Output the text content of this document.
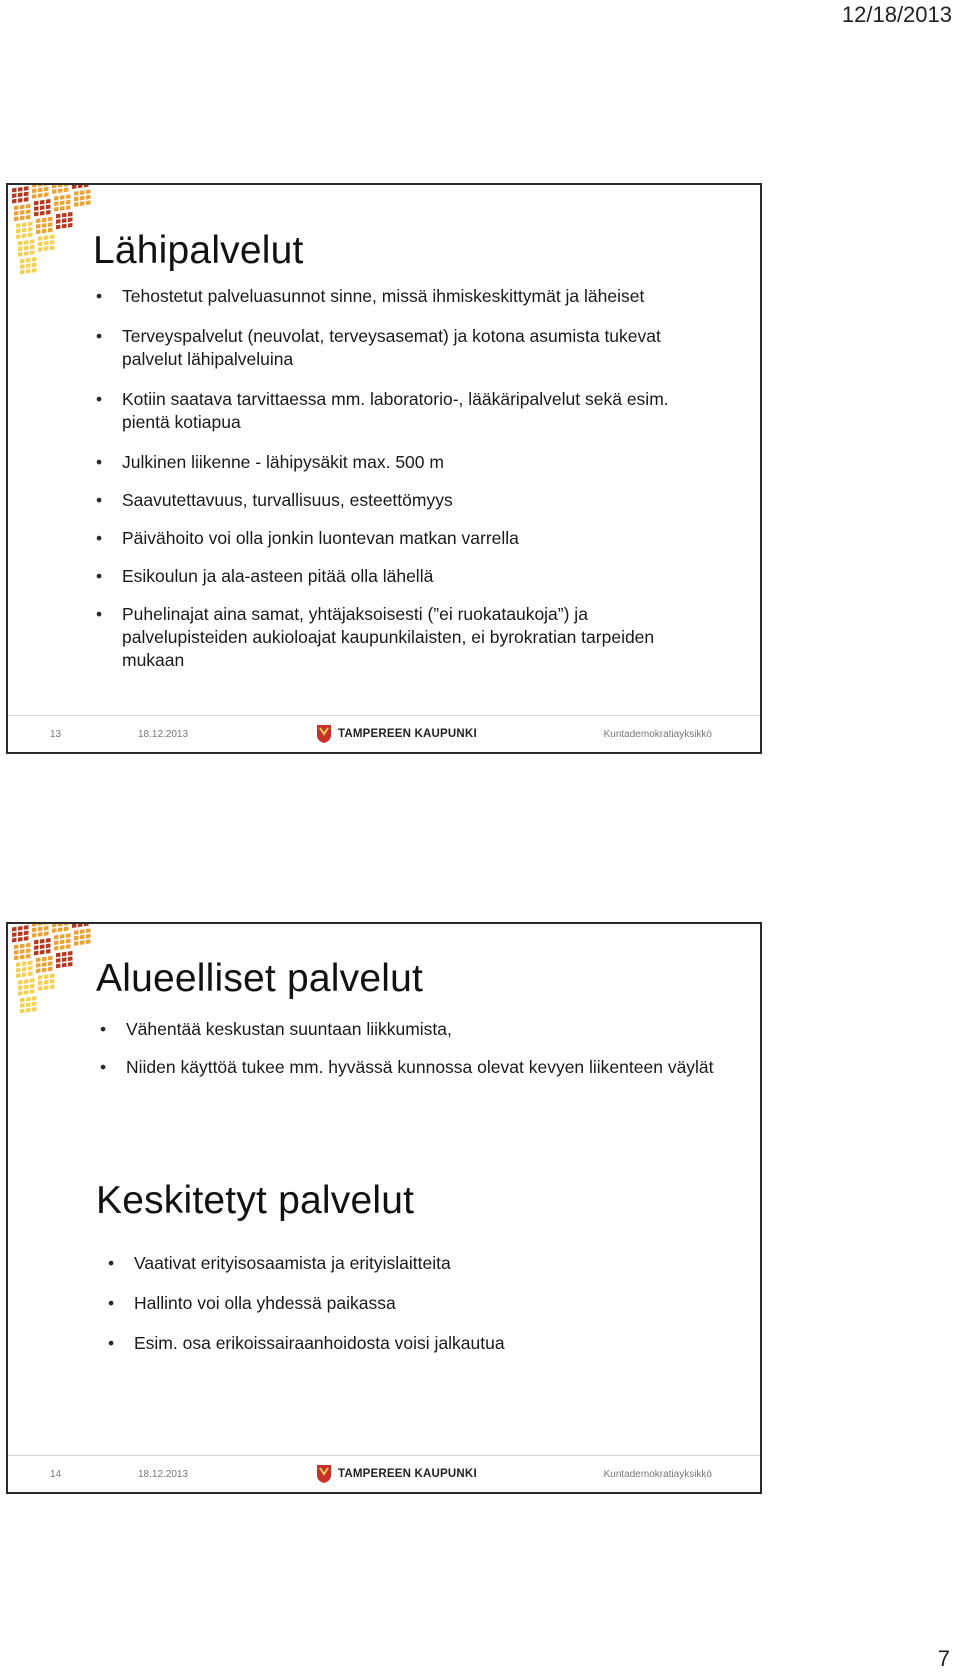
12/18/2013
Lähipalvelut
• Tehostetut palveluasunnot sinne, missä ihmiskeskittymät ja läheiset
• Terveyspalvelut (neuvolat, terveysasemat) ja kotona asumista tukevat palvelut lähipalveluina
• Kotiin saatava tarvittaessa mm. laboratorio-, lääkäripalvelut sekä esim. pientä kotiapua
• Julkinen liikenne - lähipysäkit max. 500 m
• Saavutettavuus, turvallisuus, esteettömyys
• Päivähoito voi olla jonkin luontevan matkan varrella
• Esikoulun ja ala-asteen pitää olla lähellä
• Puhelinajat aina samat, yhtäjaksoisesti (”ei ruokataukoja”) ja palvelupisteiden aukioloajat kaupunkilaisten, ei byrokratian tarpeiden mukaan
13	18.12.2013	TAMPEREEN KAUPUNKI	Kuntademokratiayksikkö
Alueelliset palvelut
• Vähentää keskustan suuntaan liikkumista,
• Niiden käyttöä tukee mm. hyvässä kunnossa olevat kevyen liikenteen väylät
Keskitetyt palvelut
• Vaativat erityisosaamista ja erityislaitteita
• Hallinto voi olla yhdessä paikassa
• Esim. osa erikoissairaanhoidosta voisi jalkautua
14	18.12.2013	TAMPEREEN KAUPUNKI	Kuntademokratiayksikkö
7
